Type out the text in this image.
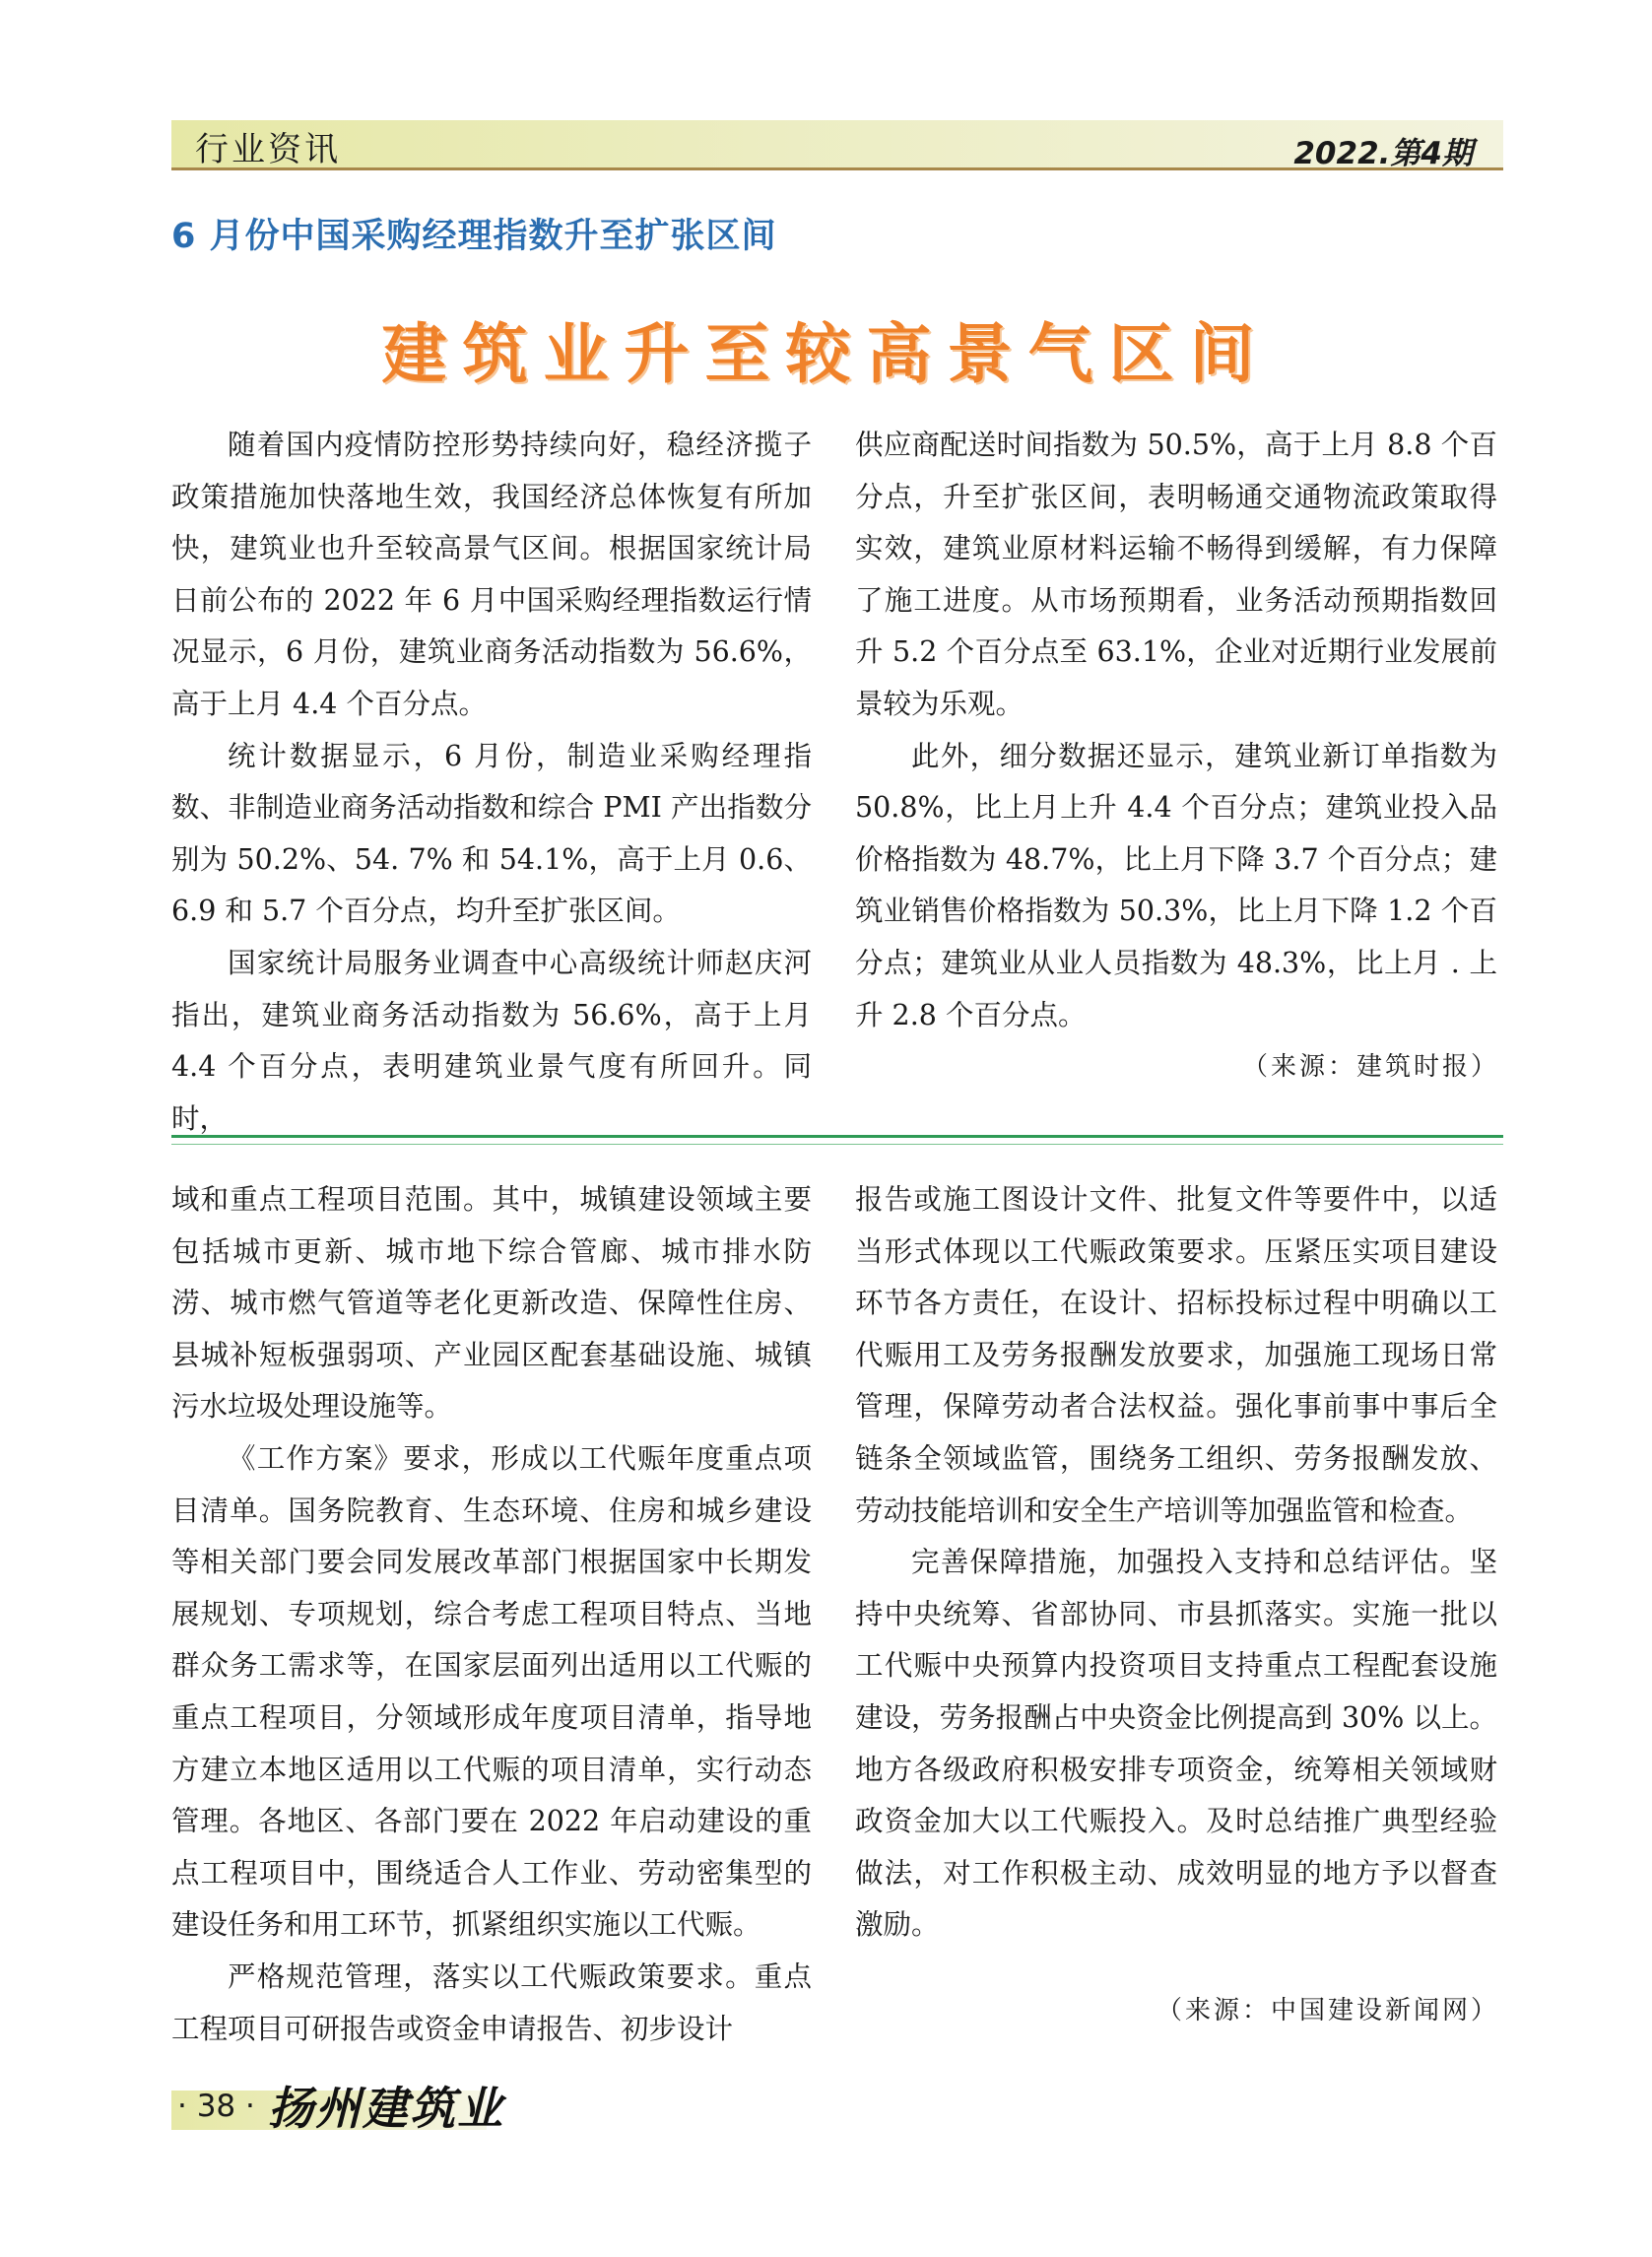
行业资讯	2022.第4期
6 月份中国采购经理指数升至扩张区间
建筑业升至较高景气区间

随着国内疫情防控形势持续向好，稳经济揽子政策措施加快落地生效，我国经济总体恢复有所加快，建筑业也升至较高景气区间。根据国家统计局日前公布的 2022 年 6 月中国采购经理指数运行情况显示，6 月份，建筑业商务活动指数为 56.6%，高于上月 4.4 个百分点。

统计数据显示，6 月份，制造业采购经理指数、非制造业商务活动指数和综合 PMI 产出指数分别为 50.2%、54. 7% 和 54.1%，高于上月 0.6、6.9 和 5.7 个百分点，均升至扩张区间。

国家统计局服务业调查中心高级统计师赵庆河指出，建筑业商务活动指数为 56.6%，高于上月 4.4 个百分点，表明建筑业景气度有所回升。同时，

供应商配送时间指数为 50.5%，高于上月 8.8 个百分点，升至扩张区间，表明畅通交通物流政策取得实效，建筑业原材料运输不畅得到缓解，有力保障了施工进度。从市场预期看，业务活动预期指数回升 5.2 个百分点至 63.1%，企业对近期行业发展前景较为乐观。

此外，细分数据还显示，建筑业新订单指数为 50.8%，比上月上升 4.4 个百分点；建筑业投入品价格指数为 48.7%，比上月下降 3.7 个百分点；建筑业销售价格指数为 50.3%，比上月下降 1.2 个百分点；建筑业从业人员指数为 48.3%，比上月 . 上升 2.8 个百分点。

（来源：建筑时报）

域和重点工程项目范围。其中，城镇建设领域主要包括城市更新、城市地下综合管廊、城市排水防涝、城市燃气管道等老化更新改造、保障性住房、县城补短板强弱项、产业园区配套基础设施、城镇污水垃圾处理设施等。

《工作方案》要求，形成以工代赈年度重点项目清单。国务院教育、生态环境、住房和城乡建设等相关部门要会同发展改革部门根据国家中长期发展规划、专项规划，综合考虑工程项目特点、当地群众务工需求等，在国家层面列出适用以工代赈的重点工程项目，分领域形成年度项目清单，指导地方建立本地区适用以工代赈的项目清单，实行动态管理。各地区、各部门要在 2022 年启动建设的重点工程项目中，围绕适合人工作业、劳动密集型的建设任务和用工环节，抓紧组织实施以工代赈。

严格规范管理，落实以工代赈政策要求。重点工程项目可研报告或资金申请报告、初步设计

报告或施工图设计文件、批复文件等要件中，以适当形式体现以工代赈政策要求。压紧压实项目建设环节各方责任，在设计、招标投标过程中明确以工代赈用工及劳务报酬发放要求，加强施工现场日常管理，保障劳动者合法权益。强化事前事中事后全链条全领域监管，围绕务工组织、劳务报酬发放、劳动技能培训和安全生产培训等加强监管和检查。

完善保障措施，加强投入支持和总结评估。坚持中央统筹、省部协同、市县抓落实。实施一批以工代赈中央预算内投资项目支持重点工程配套设施建设，劳务报酬占中央资金比例提高到 30% 以上。地方各级政府积极安排专项资金，统筹相关领域财政资金加大以工代赈投入。及时总结推广典型经验做法，对工作积极主动、成效明显的地方予以督查激励。

（来源：中国建设新闻网）
· 38 · 扬州建筑业
